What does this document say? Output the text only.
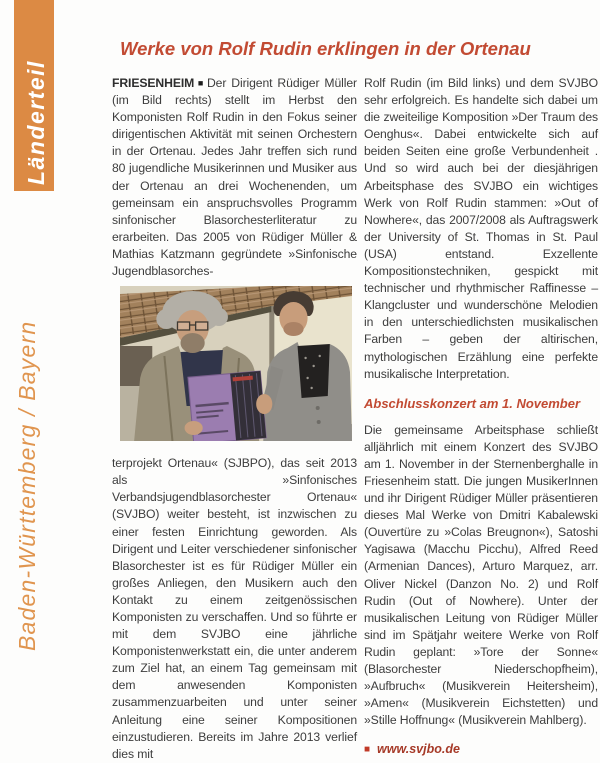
Länderteil
Baden-Württemberg / Bayern
Werke von Rolf Rudin erklingen in der Ortenau

FRIESENHEIM ■ Der Dirigent Rüdiger Müller (im Bild rechts) stellt im Herbst den Komponisten Rolf Rudin in den Fokus seiner dirigentischen Aktivität mit seinen Orchestern in der Ortenau. Jedes Jahr treffen sich rund 80 jugendliche Musikerinnen und Musiker aus der Ortenau an drei Wochenenden, um gemeinsam ein anspruchsvolles Programm sinfonischer Blasorchesterliteratur zu erarbeiten. Das 2005 von Rüdiger Müller & Mathias Katzmann gegründete »Sinfonische Jugendblasorches-

terprojekt Ortenau« (SJBPO), das seit 2013 als »Sinfonisches Verbandsjugendblasorchester Ortenau« (SVJBO) weiter besteht, ist inzwischen zu einer festen Einrichtung geworden. Als Dirigent und Leiter verschiedener sinfonischer Blasorchester ist es für Rüdiger Müller ein großes Anliegen, den Musikern auch den Kontakt zu einem zeitgenössischen Komponisten zu verschaffen. Und so führte er mit dem SVJBO eine jährliche Komponistenwerkstatt ein, die unter anderem zum Ziel hat, an einem Tag gemeinsam mit dem anwesenden Komponisten zusammenzuarbeiten und unter seiner Anleitung eine seiner Kompositionen einzustudieren. Bereits im Jahre 2013 verlief dies mit

Rolf Rudin (im Bild links) und dem SVJBO sehr erfolgreich. Es handelte sich dabei um die zweiteilige Komposition »Der Traum des Oenghus«. Dabei entwickelte sich auf beiden Seiten eine große Verbundenheit . Und so wird auch bei der diesjährigen Arbeitsphase des SVJBO ein wichtiges Werk von Rolf Rudin stammen: »Out of Nowhere«, das 2007/2008 als Auftragswerk der University of St. Thomas in St. Paul (USA) entstand. Exzellente Kompositionstechniken, gespickt mit technischer und rhythmischer Raffinesse – Klangcluster und wunderschöne Melodien in den unterschiedlichsten musikalischen Farben – geben der altirischen, mythologischen Erzählung eine perfekte musikalische Interpretation.

Abschlusskonzert am 1. November

Die gemeinsame Arbeitsphase schließt alljährlich mit einem Konzert des SVJBO am 1. November in der Sternenberghalle in Friesenheim statt. Die jungen MusikerInnen und ihr Dirigent Rüdiger Müller präsentieren dieses Mal Werke von Dmitri Kabalewski (Ouvertüre zu »Colas Breugnon«), Satoshi Yagisawa (Macchu Picchu), Alfred Reed (Armenian Dances), Arturo Marquez, arr. Oliver Nickel (Danzon No. 2) und Rolf Rudin (Out of Nowhere). Unter der musikalischen Leitung von Rüdiger Müller sind im Spätjahr weitere Werke von Rolf Rudin geplant: »Tore der Sonne« (Blasorchester Niederschopfheim), »Aufbruch« (Musikverein Heitersheim), »Amen« (Musikverein Eichstetten) und »Stille Hoffnung« (Musikverein Mahlberg).

■ www.svjbo.de
